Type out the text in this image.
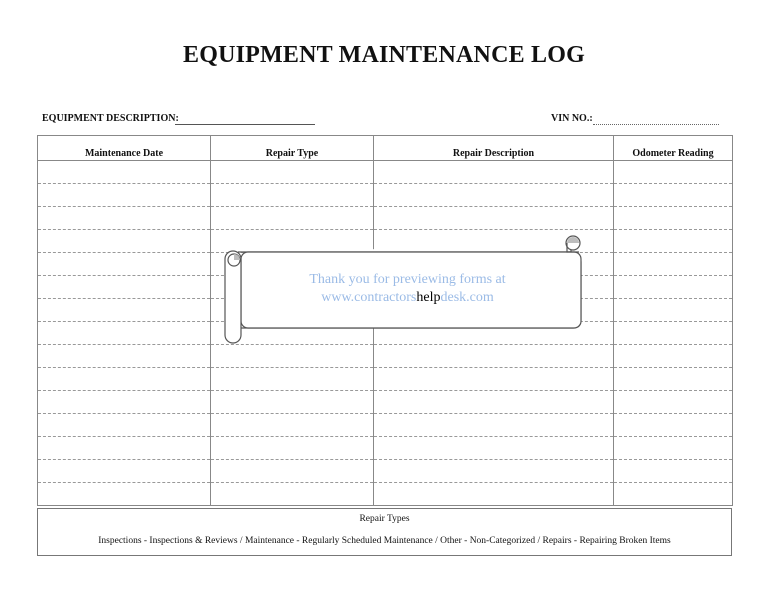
EQUIPMENT MAINTENANCE LOG
EQUIPMENT DESCRIPTION:	VIN NO.:
Maintenance Date	Repair Type	Repair Description	Odometer Reading

Repair Types
Inspections - Inspections & Reviews / Maintenance - Regularly Scheduled Maintenance / Other - Non-Categorized / Repairs - Repairing Broken Items
Thank you for previewing forms at
www.contractorshelpdesk.com
